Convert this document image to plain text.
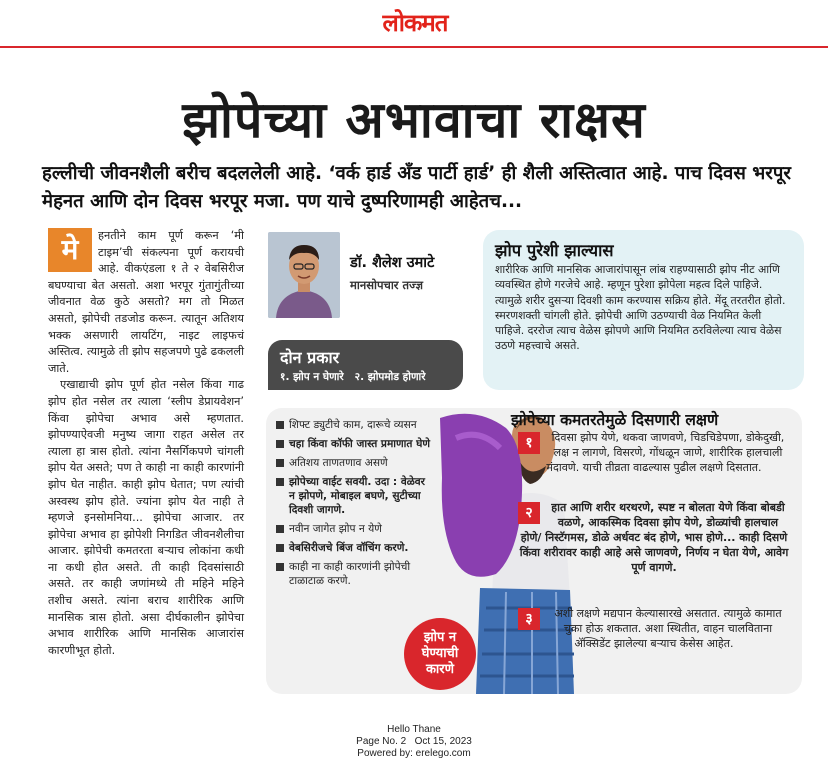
लोकमत
झोपेच्या अभावाचा राक्षस
हल्लीची जीवनशैली बरीच बदललेली आहे. ‘वर्क हार्ड अँड पार्टी हार्ड’ ही शैली अस्तित्वात आहे. पाच दिवस भरपूर मेहनत आणि दोन दिवस भरपूर मजा. पण याचे दुष्परिणामही आहेतच...
मे	हनतीने काम पूर्ण करून ‘मी टाइम’ची संकल्पना पूर्ण करायची आहे. वीकएंडला १ ते २ वेबसिरीज बघण्याचा बेत असतो. अशा भरपूर गुंतागुंतीच्या जीवनात वेळ कुठे असतो? मग तो मिळत असतो, झोपेची तडजोड करून. त्यातून अतिशय भक्क असणारी लायटिंग, नाइट लाइफचं अस्तित्व. त्यामुळे ती झोप सहजपणे पुढे ढकलली जाते.

एखाद्याची झोप पूर्ण होत नसेल किंवा गाढ झोप होत नसेल तर त्याला ‘स्लीप डेप्रायवेशन’ किंवा झोपेचा अभाव असे म्हणतात. झोपण्याऐवजी मनुष्य जागा राहत असेल तर त्याला हा त्रास होतो. त्यांना नैसर्गिकपणे चांगली झोप येत असते; पण ते काही ना काही कारणांनी झोप घेत नाहीत. काही झोप घेतात; पण त्यांची अस्वस्थ झोप होते. ज्यांना झोप येत नाही ते म्हणजे इनसोमनिया... झोपेचा आजार. तर झोपेचा अभाव हा झोपेशी निगडित जीवनशैलीचा आजार. झोपेची कमतरता बऱ्याच लोकांना कधी ना कधी होत असते. ती काही दिवसांसाठी असते. तर काही जणांमध्ये ती महिने महिने तशीच असते. त्यांना बराच शारीरिक आणि मानसिक त्रास होतो. असा दीर्घकालीन झोपेचा अभाव शारीरिक आणि मानसिक आजारांस कारणीभूत होतो.

डॉ. शैलेश उमाटे
मानसोपचार तज्ज्ञ
झोप पुरेशी झाल्यास
शारीरिक आणि मानसिक आजारांपासून लांब राहण्यासाठी झोप नीट आणि व्यवस्थित होणे गरजेचे आहे. म्हणून पुरेशा झोपेला महत्व दिले पाहिजे. त्यामुळे शरीर दुसऱ्या दिवशी काम करण्यास सक्रिय होते. मेंदू तरतरीत होतो. स्मरणशक्ती चांगली होते. झोपेची आणि उठण्याची वेळ नियमित केली पाहिजे. दररोज त्याच वेळेस झोपणे आणि नियमित ठरविलेल्या त्याच वेळेस उठणे महत्त्वाचे असते.
दोन प्रकार
१. झोप न घेणारे २. झोपमोड होणारे
शिफ्ट ड्युटीचे काम, दारूचे व्यसन
चहा किंवा कॉफी जास्त प्रमाणात घेणे
अतिशय ताणतणाव असणे
झोपेच्या वाईट सवयी. उदा : वेळेवर न झोपणे, मोबाइल बघणे, सुटीच्या दिवशी जागणे.
नवीन जागेत झोप न येणे
वेबसिरीजचे बिंज वॉचिंग करणे.
काही ना काही कारणांनी झोपेची टाळाटाळ करणे.
झोप न
घेण्याची
कारणे
झोपेच्या कमतरतेमुळे दिसणारी लक्षणे
१	दिवसा झोप येणे, थकवा जाणवणे, चिडचिडेपणा, डोकेदुखी, लक्ष न लागणे, विसरणे, गोंधळून जाणे, शारीरिक हालचाली मंदावणे. याची तीव्रता वाढल्यास पुढील लक्षणे दिसतात.
२	हात आणि शरीर थरथरणे, स्पष्ट न बोलता येणे किंवा बोबडी वळणे, आकस्मिक दिवसा झोप येणे, डोळ्यांची हालचाल होणे/ निस्टॅगमस, डोळे अर्धवट बंद होणे, भास होणे... काही दिसणे किंवा शरीरावर काही आहे असे जाणवणे, निर्णय न घेता येणे, आवेग पूर्ण वागणे.
३	अशी लक्षणे मद्यपान केल्यासारखे असतात. त्यामुळे कामात चुका होऊ शकतात. अशा स्थितीत, वाहन चालविताना ॲक्सिडेंट झालेल्या बऱ्याच केसेस आहेत.
Hello Thane
Page No. 2 Oct 15, 2023
Powered by: erelego.com
